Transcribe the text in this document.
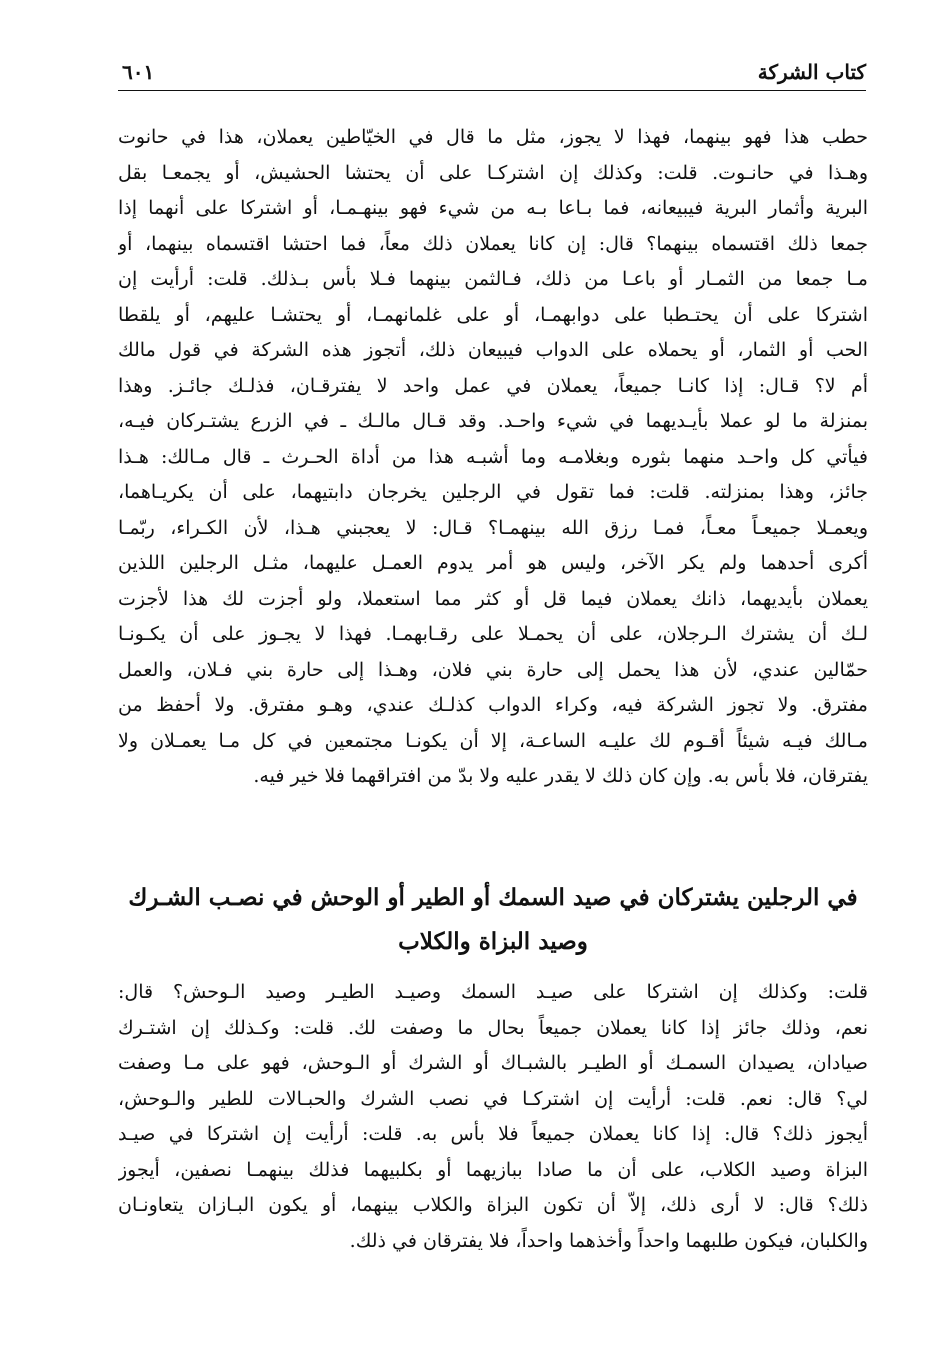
كتاب الشركة
٦٠١
حطب هذا فهو بينهما، فهذا لا يجوز، مثل ما قال في الخيّاطين يعملان، هذا في حانوت
وهـذا في حانـوت. قلت: وكذلك إن اشتركـا على أن يحتشا الحشيش، أو يجمعـا بقل
البرية وأثمار البرية فيبيعانه، فما بـاعا بـه من شيء فهو بينهـمـا، أو اشتركا على أنهما إذا
جمعا ذلك اقتسماه بينهما؟ قال: إن كانا يعملان ذلك معاً، فما احتشا اقتسماه بينهما، أو
مـا جمعا من الثمـار أو باعـا من ذلك، فـالثمن بينهما فـلا بأس بـذلك. قلت: أرأيت إن
اشتركا على أن يحتـطبا على دوابهمـا، أو على غلمانهمـا، أو يحتشـا عليهم، أو يلقطا
الحب أو الثمار، أو يحملاه على الدواب فيبيعان ذلك، أتجوز هذه الشركة في قول مالك
أم لا؟ قـال: إذا كانـا جميعاً، يعملان في عمل واحد لا يفترقـان، فذلـك جائـز. وهذا
بمنزلة ما لو عملا بأيـديهما في شيء واحـد. وقد قـال مالـك ـ في الزرع يشتـركان فيـه،
فيأتي كل واحـد منهما بثوره وبغلامـه وما أشبـه هذا من أداة الحـرث ـ قال مـالك: هـذا
جائز، وهذا بمنزلته. قلت: فما تقول في الرجلين يخرجان دابتيهما، على أن يكريـاهما،
ويعمـلا جميعـاً معـاً، فمـا رزق الله بينهمـا؟ قـال: لا يعجبني هـذا، لأن الكـراء، ربّمـا
أكرى أحدهما ولم يكر الآخر، وليس هو أمر يدوم العمـل عليهما، مثـل الرجلين اللذين
يعملان بأيديهما، ذانك يعملان فيما قل أو كثر مما استعملا، ولو أجزت لك هذا لأجزت
لـك أن يشترك الـرجلان، على أن يحمـلا على رقـابهمـا. فهذا لا يجـوز على أن يكـونـا
حمّالين عندي، لأن هذا يحمل إلى حارة بني فلان، وهـذا إلى حارة بني فـلان، والعمل
مفترق. ولا تجوز الشركة فيه، وكراء الدواب كذلـك عندي، وهـو مفترق. ولا أحفظ من
مـالك فيـه شيئاً أقـوم لك عليـه الساعـة، إلا أن يكونـا مجتمعين في كل مـا يعمـلان ولا
يفترقان، فلا بأس به. وإن كان ذلك لا يقدر عليه ولا بدّ من افتراقهما فلا خير فيه.
في الرجلين يشتركان في صيد السمك أو الطير أو الوحش في نصـب الشـرك
وصيد البزاة والكلاب
قلت: وكذلك إن اشتركا على صيـد السمك وصيـد الطيـر وصيد الـوحش؟ قال:
نعم، وذلك جائز إذا كانا يعملان جميعاً بحال ما وصفت لك. قلت: وكـذلك إن اشتـرك
صيادان، يصيدان السمـك أو الطيـر بالشبـاك أو الشرك أو الـوحش، فهو على مـا وصفت
لي؟ قال: نعم. قلت: أرأيت إن اشتركـا في نصب الشرك والحبـالات للطير والـوحش،
أيجوز ذلك؟ قال: إذا كانا يعملان جميعاً فلا بأس به. قلت: أرأيت إن اشتركا في صيـد
البزاة وصيد الكلاب، على أن ما صادا ببازيهما أو بكلبيهما فذلك بينهمـا نصفين، أيجوز
ذلك؟ قال: لا أرى ذلك، إلاّ أن تكون البزاة والكلاب بينهما، أو يكون البـازان يتعاونـان
والكلبان، فيكون طلبهما واحداً وأخذهما واحداً، فلا يفترقان في ذلك.
